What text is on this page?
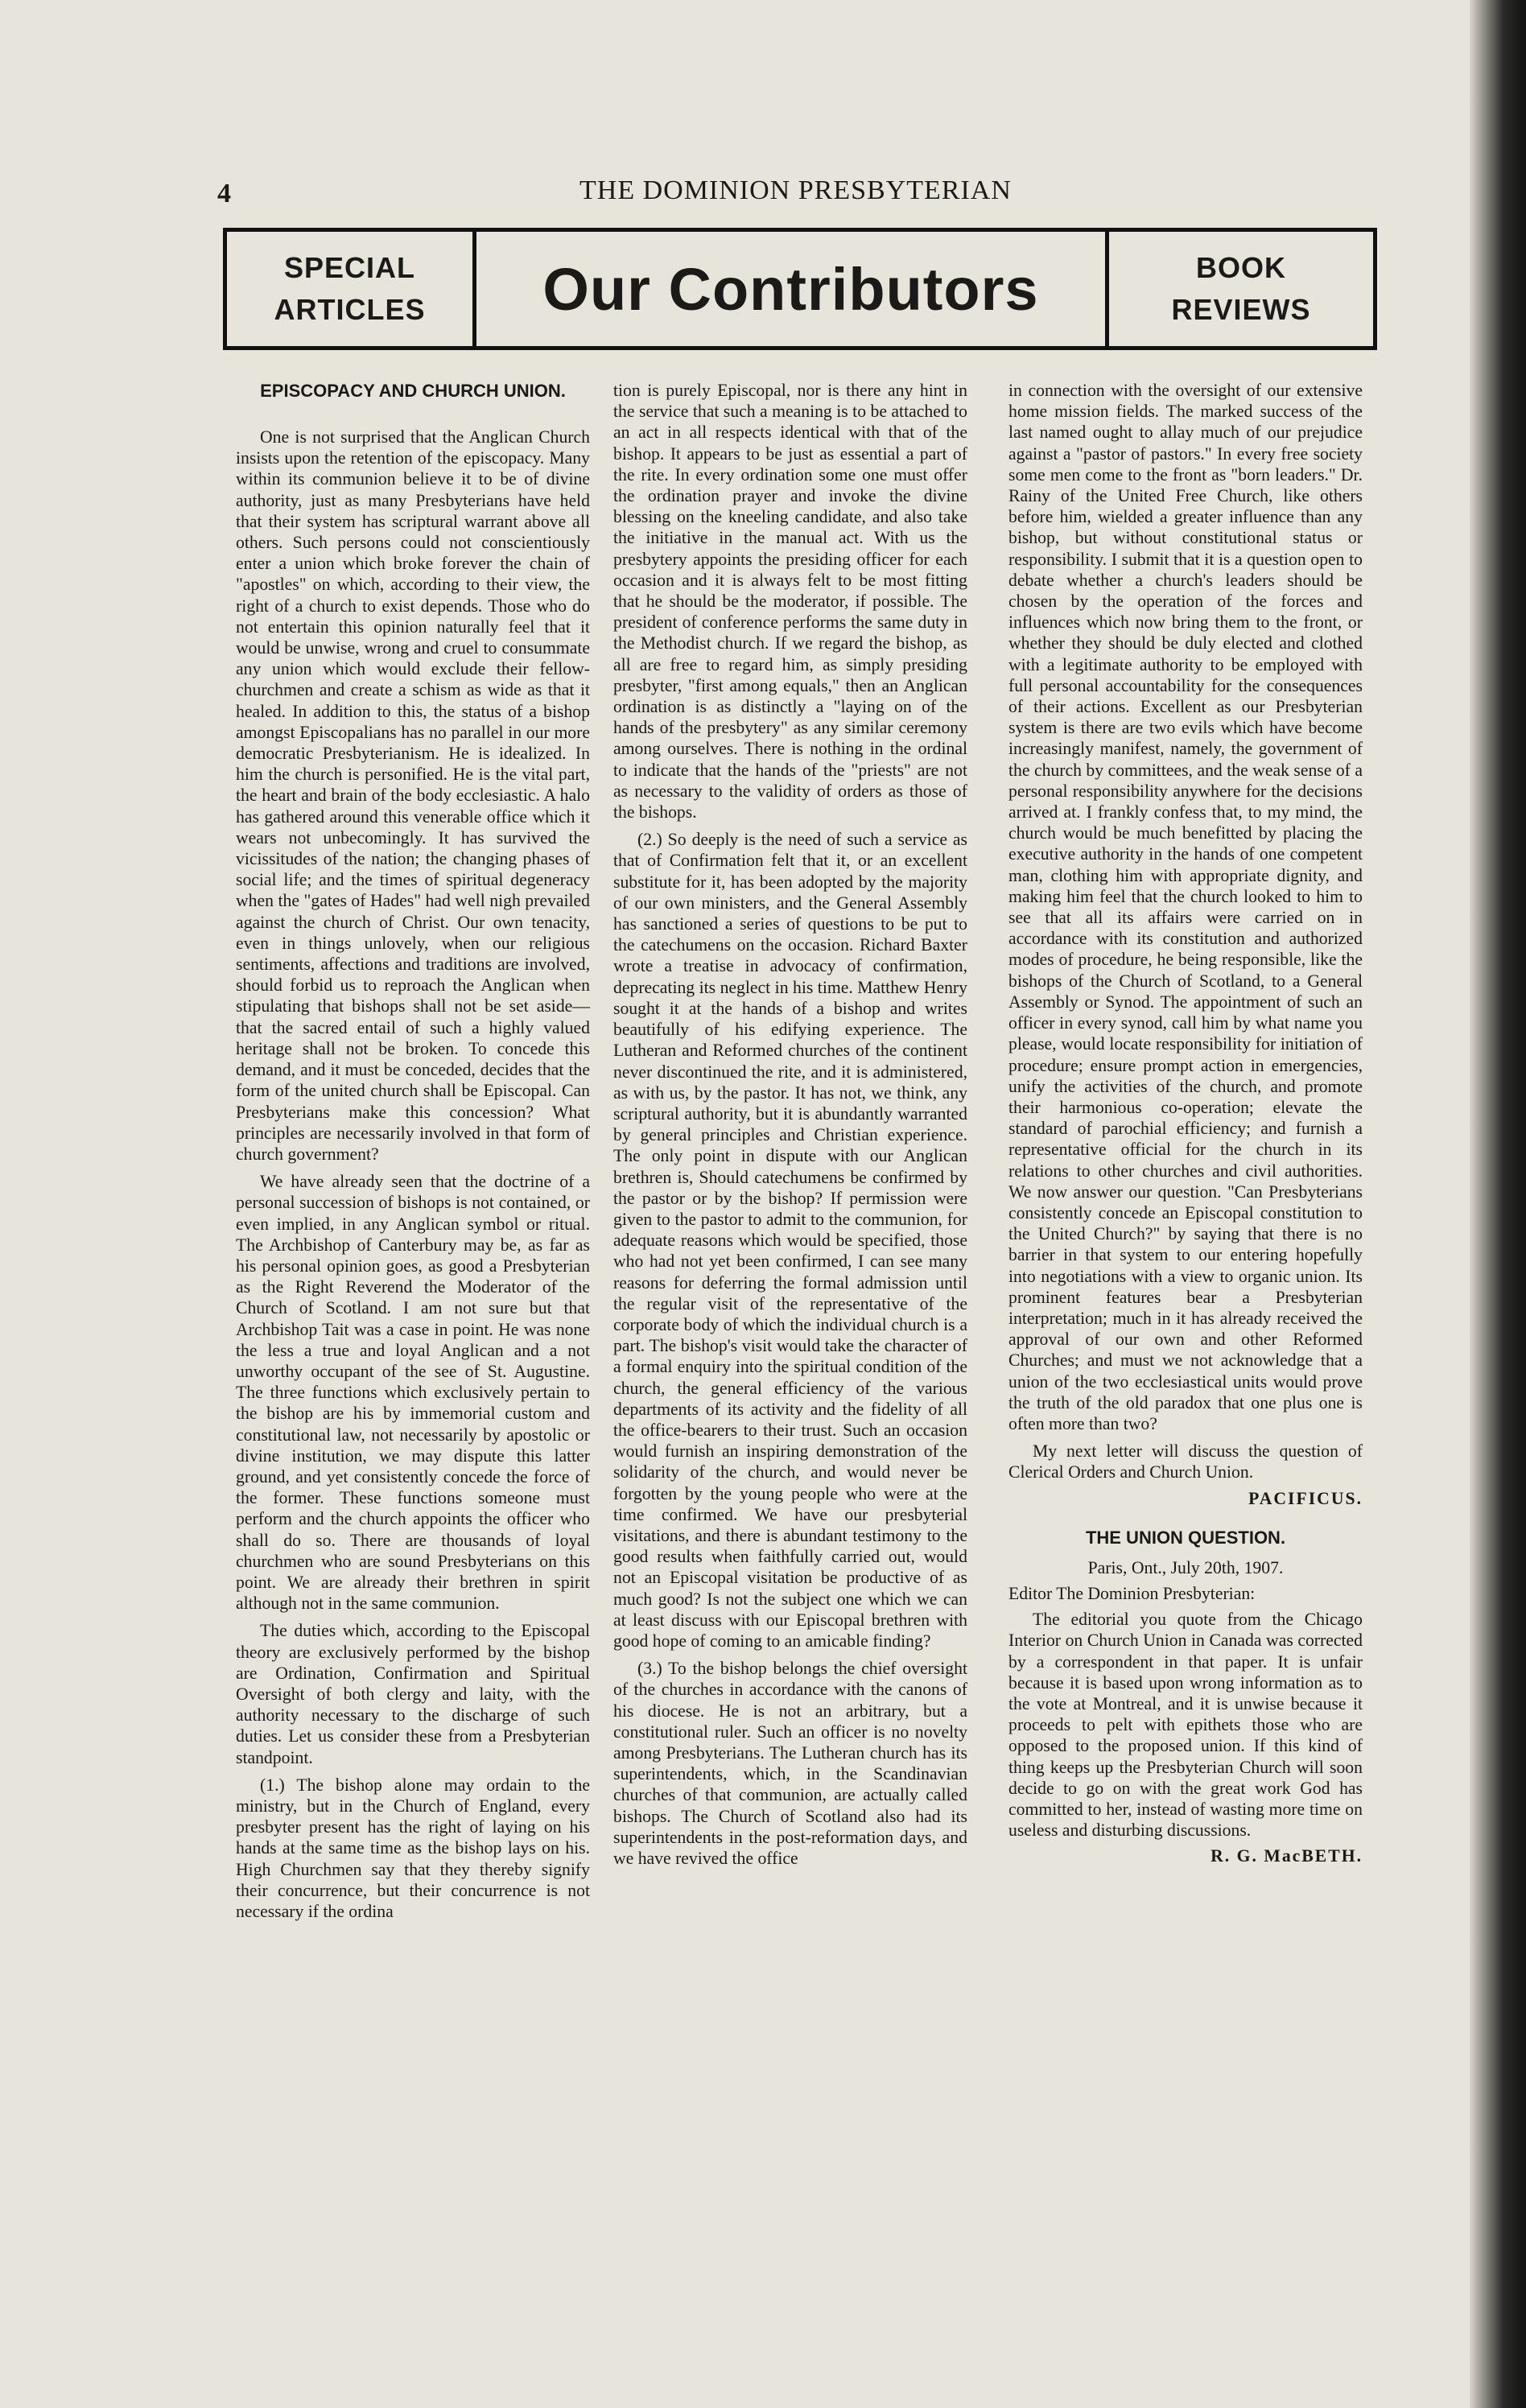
4	THE DOMINION PRESBYTERIAN
SPECIAL
ARTICLES Our Contributors	BOOK
REVIEWS
EPISCOPACY AND CHURCH UNION.

One is not surprised that the Anglican Church insists upon the retention of the episcopacy. Many within its communion believe it to be of divine authority, just as many Presbyterians have held that their system has scriptural warrant above all others. Such persons could not conscientiously enter a union which broke forever the chain of "apostles" on which, according to their view, the right of a church to exist depends. Those who do not entertain this opinion naturally feel that it would be unwise, wrong and cruel to consummate any union which would exclude their fellow-churchmen and create a schism as wide as that it healed. In addition to this, the status of a bishop amongst Episcopalians has no parallel in our more democratic Presbyterianism. He is idealized. In him the church is personified. He is the vital part, the heart and brain of the body ecclesiastic. A halo has gathered around this venerable office which it wears not unbecomingly. It has survived the vicissitudes of the nation; the changing phases of social life; and the times of spiritual degeneracy when the "gates of Hades" had well nigh prevailed against the church of Christ. Our own tenacity, even in things unlovely, when our religious sentiments, affections and traditions are involved, should forbid us to reproach the Anglican when stipulating that bishops shall not be set aside—that the sacred entail of such a highly valued heritage shall not be broken. To concede this demand, and it must be conceded, decides that the form of the united church shall be Episcopal. Can Presbyterians make this concession? What principles are necessarily involved in that form of church government?

We have already seen that the doctrine of a personal succession of bishops is not contained, or even implied, in any Anglican symbol or ritual. The Archbishop of Canterbury may be, as far as his personal opinion goes, as good a Presbyterian as the Right Reverend the Moderator of the Church of Scotland. I am not sure but that Archbishop Tait was a case in point. He was none the less a true and loyal Anglican and a not unworthy occupant of the see of St. Augustine. The three functions which exclusively pertain to the bishop are his by immemorial custom and constitutional law, not necessarily by apostolic or divine institution, we may dispute this latter ground, and yet consistently concede the force of the former. These functions someone must perform and the church appoints the officer who shall do so. There are thousands of loyal churchmen who are sound Presbyterians on this point. We are already their brethren in spirit although not in the same communion.

The duties which, according to the Episcopal theory are exclusively performed by the bishop are Ordination, Confirmation and Spiritual Oversight of both clergy and laity, with the authority necessary to the discharge of such duties. Let us consider these from a Presbyterian standpoint.

(1.) The bishop alone may ordain to the ministry, but in the Church of England, every presbyter present has the right of laying on his hands at the same time as the bishop lays on his. High Churchmen say that they thereby signify their concurrence, but their concurrence is not necessary if the ordina

tion is purely Episcopal, nor is there any hint in the service that such a meaning is to be attached to an act in all respects identical with that of the bishop. It appears to be just as essential a part of the rite. In every ordination some one must offer the ordination prayer and invoke the divine blessing on the kneeling candidate, and also take the initiative in the manual act. With us the presbytery appoints the presiding officer for each occasion and it is always felt to be most fitting that he should be the moderator, if possible. The president of conference performs the same duty in the Methodist church. If we regard the bishop, as all are free to regard him, as simply presiding presbyter, "first among equals," then an Anglican ordination is as distinctly a "laying on of the hands of the presbytery" as any similar ceremony among ourselves. There is nothing in the ordinal to indicate that the hands of the "priests" are not as necessary to the validity of orders as those of the bishops.

(2.) So deeply is the need of such a service as that of Confirmation felt that it, or an excellent substitute for it, has been adopted by the majority of our own ministers, and the General Assembly has sanctioned a series of questions to be put to the catechumens on the occasion. Richard Baxter wrote a treatise in advocacy of confirmation, deprecating its neglect in his time. Matthew Henry sought it at the hands of a bishop and writes beautifully of his edifying experience. The Lutheran and Reformed churches of the continent never discontinued the rite, and it is administered, as with us, by the pastor. It has not, we think, any scriptural authority, but it is abundantly warranted by general principles and Christian experience. The only point in dispute with our Anglican brethren is, Should catechumens be confirmed by the pastor or by the bishop? If permission were given to the pastor to admit to the communion, for adequate reasons which would be specified, those who had not yet been confirmed, I can see many reasons for deferring the formal admission until the regular visit of the representative of the corporate body of which the individual church is a part. The bishop's visit would take the character of a formal enquiry into the spiritual condition of the church, the general efficiency of the various departments of its activity and the fidelity of all the office-bearers to their trust. Such an occasion would furnish an inspiring demonstration of the solidarity of the church, and would never be forgotten by the young people who were at the time confirmed. We have our presbyterial visitations, and there is abundant testimony to the good results when faithfully carried out, would not an Episcopal visitation be productive of as much good? Is not the subject one which we can at least discuss with our Episcopal brethren with good hope of coming to an amicable finding?

(3.) To the bishop belongs the chief oversight of the churches in accordance with the canons of his diocese. He is not an arbitrary, but a constitutional ruler. Such an officer is no novelty among Presbyterians. The Lutheran church has its superintendents, which, in the Scandinavian churches of that communion, are actually called bishops. The Church of Scotland also had its superintendents in the post-reformation days, and we have revived the office

in connection with the oversight of our extensive home mission fields. The marked success of the last named ought to allay much of our prejudice against a "pastor of pastors." In every free society some men come to the front as "born leaders." Dr. Rainy of the United Free Church, like others before him, wielded a greater influence than any bishop, but without constitutional status or responsibility. I submit that it is a question open to debate whether a church's leaders should be chosen by the operation of the forces and influences which now bring them to the front, or whether they should be duly elected and clothed with a legitimate authority to be employed with full personal accountability for the consequences of their actions. Excellent as our Presbyterian system is there are two evils which have become increasingly manifest, namely, the government of the church by committees, and the weak sense of a personal responsibility anywhere for the decisions arrived at. I frankly confess that, to my mind, the church would be much benefitted by placing the executive authority in the hands of one competent man, clothing him with appropriate dignity, and making him feel that the church looked to him to see that all its affairs were carried on in accordance with its constitution and authorized modes of procedure, he being responsible, like the bishops of the Church of Scotland, to a General Assembly or Synod. The appointment of such an officer in every synod, call him by what name you please, would locate responsibility for initiation of procedure; ensure prompt action in emergencies, unify the activities of the church, and promote their harmonious co-operation; elevate the standard of parochial efficiency; and furnish a representative official for the church in its relations to other churches and civil authorities. We now answer our question. "Can Presbyterians consistently concede an Episcopal constitution to the United Church?" by saying that there is no barrier in that system to our entering hopefully into negotiations with a view to organic union. Its prominent features bear a Presbyterian interpretation; much in it has already received the approval of our own and other Reformed Churches; and must we not acknowledge that a union of the two ecclesiastical units would prove the truth of the old paradox that one plus one is often more than two?

My next letter will discuss the question of Clerical Orders and Church Union.

PACIFICUS.
THE UNION QUESTION.
Paris, Ont., July 20th, 1907.
Editor The Dominion Presbyterian:

The editorial you quote from the Chicago Interior on Church Union in Canada was corrected by a correspondent in that paper. It is unfair because it is based upon wrong information as to the vote at Montreal, and it is unwise because it proceeds to pelt with epithets those who are opposed to the proposed union. If this kind of thing keeps up the Presbyterian Church will soon decide to go on with the great work God has committed to her, instead of wasting more time on useless and disturbing discussions.

R. G. MacBETH.
